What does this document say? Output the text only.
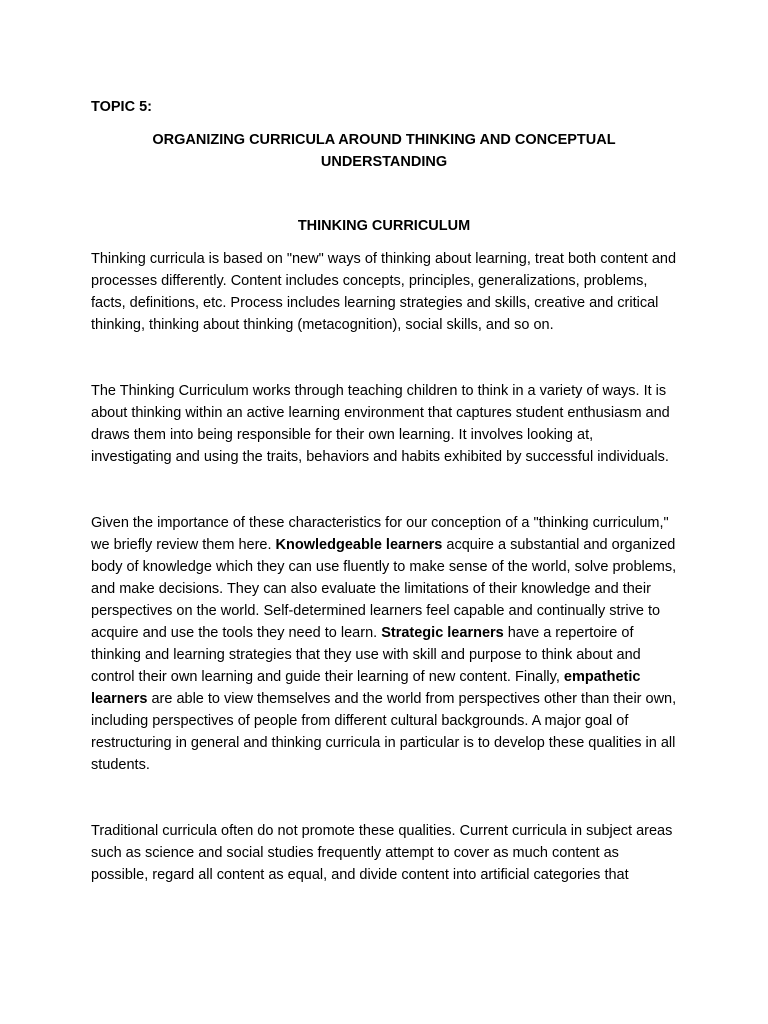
TOPIC 5:
ORGANIZING CURRICULA AROUND THINKING AND CONCEPTUAL
UNDERSTANDING
THINKING CURRICULUM

Thinking curricula is based on "new" ways of thinking about learning, treat both content and processes differently. Content includes concepts, principles, generalizations, problems, facts, definitions, etc. Process includes learning strategies and skills, creative and critical thinking, thinking about thinking (metacognition), social skills, and so on.

The Thinking Curriculum works through teaching children to think in a variety of ways. It is about thinking within an active learning environment that captures student enthusiasm and draws them into being responsible for their own learning. It involves looking at, investigating and using the traits, behaviors and habits exhibited by successful individuals.

Given the importance of these characteristics for our conception of a "thinking curriculum," we briefly review them here. Knowledgeable learners acquire a substantial and organized body of knowledge which they can use fluently to make sense of the world, solve problems, and make decisions. They can also evaluate the limitations of their knowledge and their perspectives on the world. Self-determined learners feel capable and continually strive to acquire and use the tools they need to learn. Strategic learners have a repertoire of thinking and learning strategies that they use with skill and purpose to think about and control their own learning and guide their learning of new content. Finally, empathetic learners are able to view themselves and the world from perspectives other than their own, including perspectives of people from different cultural backgrounds. A major goal of restructuring in general and thinking curricula in particular is to develop these qualities in all students.

Traditional curricula often do not promote these qualities. Current curricula in subject areas such as science and social studies frequently attempt to cover as much content as possible, regard all content as equal, and divide content into artificial categories that
